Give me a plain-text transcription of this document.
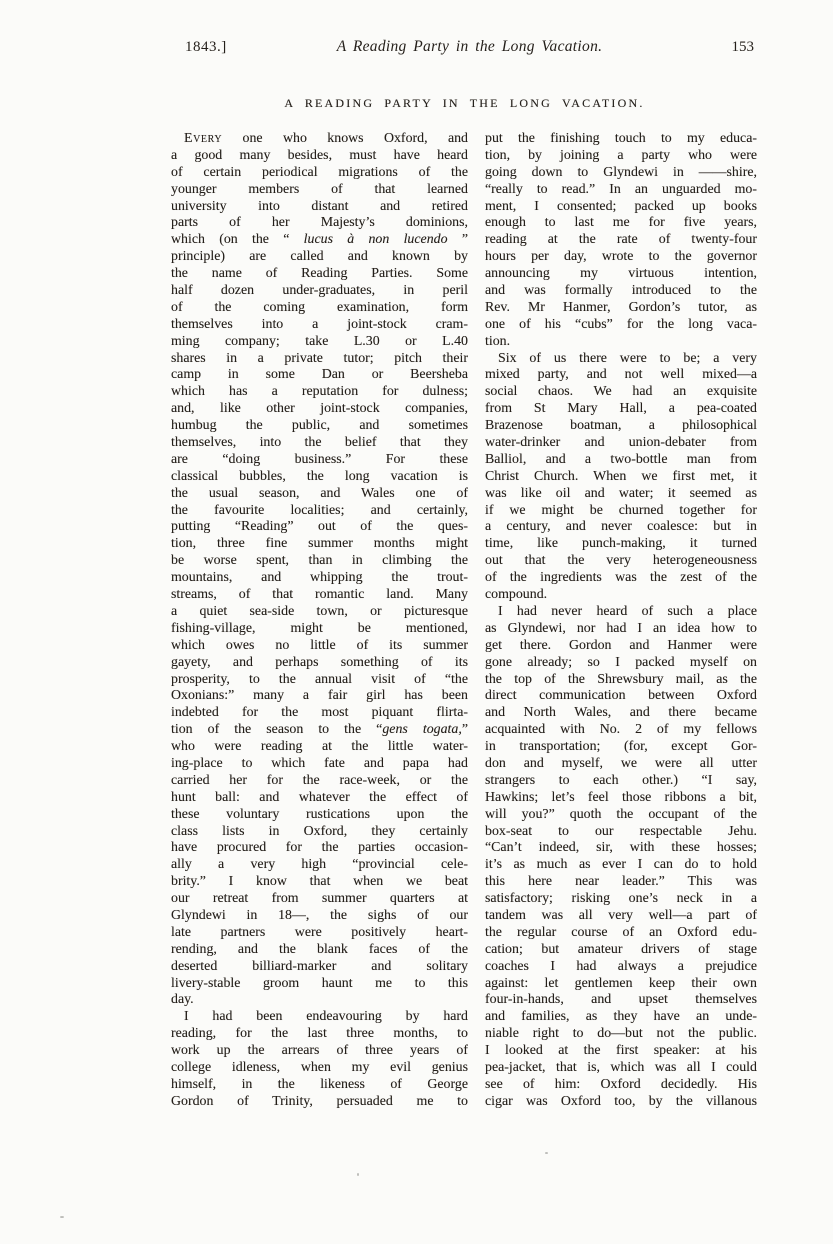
1843.]	A Reading Party in the Long Vacation.	153
A READING PARTY IN THE LONG VACATION.
Every one who knows Oxford, and
a good many besides, must have heard
of certain periodical migrations of the
younger members of that learned
university into distant and retired
parts of her Majesty’s dominions,
which (on the “ lucus à non lucendo ”
principle) are called and known by
the name of Reading Parties. Some
half dozen under-graduates, in peril
of the coming examination, form
themselves into a joint-stock cram-
ming company; take L.30 or L.40
shares in a private tutor; pitch their
camp in some Dan or Beersheba
which has a reputation for dulness;
and, like other joint-stock companies,
humbug the public, and sometimes
themselves, into the belief that they
are “doing business.” For these
classical bubbles, the long vacation is
the usual season, and Wales one of
the favourite localities; and certainly,
putting “Reading” out of the ques-
tion, three fine summer months might
be worse spent, than in climbing the
mountains, and whipping the trout-
streams, of that romantic land. Many
a quiet sea-side town, or picturesque
fishing-village, might be mentioned,
which owes no little of its summer
gayety, and perhaps something of its
prosperity, to the annual visit of “the
Oxonians:” many a fair girl has been
indebted for the most piquant flirta-
tion of the season to the “gens togata,”
who were reading at the little water-
ing-place to which fate and papa had
carried her for the race-week, or the
hunt ball: and whatever the effect of
these voluntary rustications upon the
class lists in Oxford, they certainly
have procured for the parties occasion-
ally a very high “provincial cele-
brity.” I know that when we beat
our retreat from summer quarters at
Glyndewi in 18—, the sighs of our
late partners were positively heart-
rending, and the blank faces of the
deserted billiard-marker and solitary
livery-stable groom haunt me to this
day.
I had been endeavouring by hard
reading, for the last three months, to
work up the arrears of three years of
college idleness, when my evil genius
himself, in the likeness of George
Gordon of Trinity, persuaded me to
put the finishing touch to my educa-
tion, by joining a party who were
going down to Glyndewi in ——shire,
“really to read.” In an unguarded mo-
ment, I consented; packed up books
enough to last me for five years,
reading at the rate of twenty-four
hours per day, wrote to the governor
announcing my virtuous intention,
and was formally introduced to the
Rev. Mr Hanmer, Gordon’s tutor, as
one of his “cubs” for the long vaca-
tion.
Six of us there were to be; a very
mixed party, and not well mixed—a
social chaos. We had an exquisite
from St Mary Hall, a pea-coated
Brazenose boatman, a philosophical
water-drinker and union-debater from
Balliol, and a two-bottle man from
Christ Church. When we first met, it
was like oil and water; it seemed as
if we might be churned together for
a century, and never coalesce: but in
time, like punch-making, it turned
out that the very heterogeneousness
of the ingredients was the zest of the
compound.
I had never heard of such a place
as Glyndewi, nor had I an idea how to
get there. Gordon and Hanmer were
gone already; so I packed myself on
the top of the Shrewsbury mail, as the
direct communication between Oxford
and North Wales, and there became
acquainted with No. 2 of my fellows
in transportation; (for, except Gor-
don and myself, we were all utter
strangers to each other.) “I say,
Hawkins; let’s feel those ribbons a bit,
will you?” quoth the occupant of the
box-seat to our respectable Jehu.
“Can’t indeed, sir, with these hosses;
it’s as much as ever I can do to hold
this here near leader.” This was
satisfactory; risking one’s neck in a
tandem was all very well—a part of
the regular course of an Oxford edu-
cation; but amateur drivers of stage
coaches I had always a prejudice
against: let gentlemen keep their own
four-in-hands, and upset themselves
and families, as they have an unde-
niable right to do—but not the public.
I looked at the first speaker: at his
pea-jacket, that is, which was all I could
see of him: Oxford decidedly. His
cigar was Oxford too, by the villanous
